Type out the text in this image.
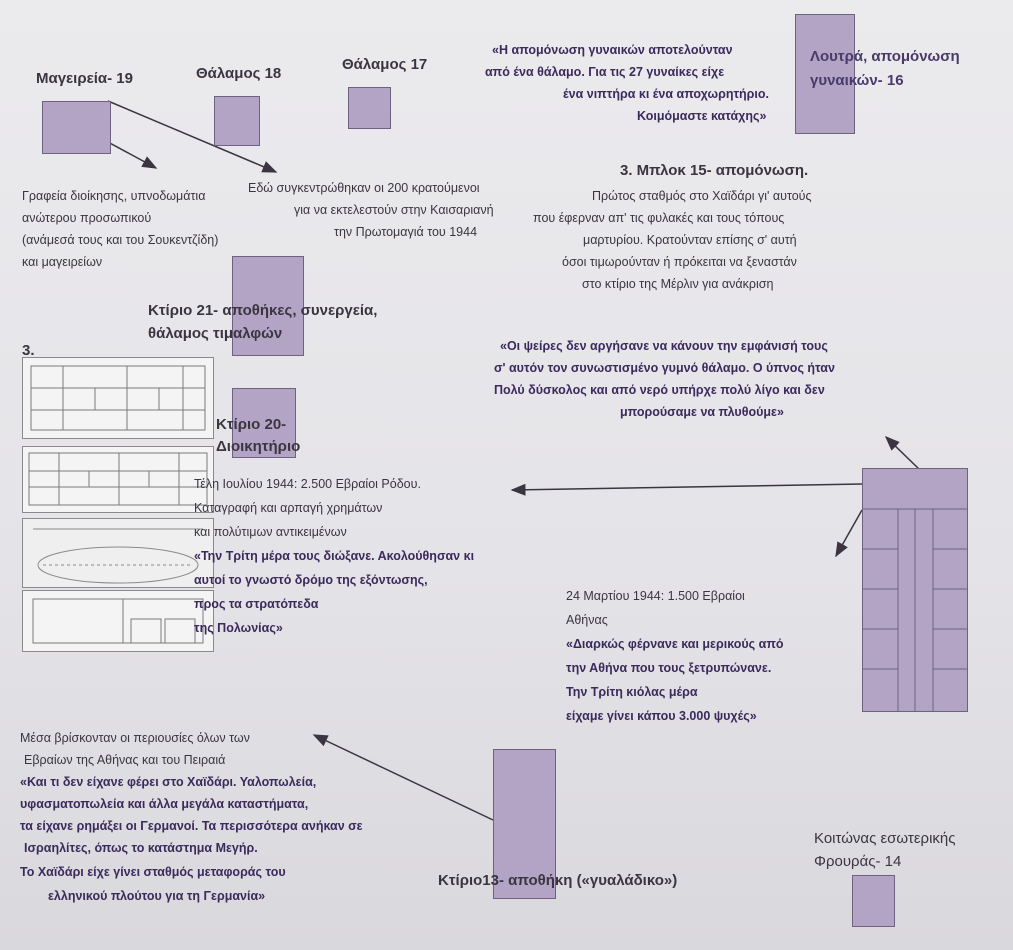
Μαγειρεία- 19	Θάλαμος 18
Θάλαμος 17	Λουτρά, απομόνωση
γυναικών- 16
Κτίριο 21- αποθήκες, συνεργεία,
θάλαμος τιμαλφών
3.
Κτίριο 20-
Διοικητήριο
3. Μπλοκ 15- απομόνωση.
Κτίριο13- αποθήκη («γυαλάδικο»)
Κοιτώνας εσωτερικής
Φρουράς- 14
«Η απομόνωση γυναικών αποτελούνταν
από ένα θάλαμο. Για τις 27 γυναίκες είχε
ένα νιπτήρα κι ένα αποχωρητήριο.
Κοιμόμαστε κατάχης»
Γραφεία διοίκησης, υπνοδωμάτια
ανώτερου προσωπικού
(ανάμεσά τους και του Σουκεντζίδη)
και μαγειρείων
Εδώ συγκεντρώθηκαν οι 200 κρατούμενοι
για να εκτελεστούν στην Καισαριανή
την Πρωτομαγιά του 1944
Πρώτος σταθμός στο Χαϊδάρι γι' αυτούς
που έφερναν απ' τις φυλακές και τους τόπους
μαρτυρίου. Κρατούνταν επίσης σ' αυτή
όσοι τιμωρούνταν ή πρόκειται να ξεναστάν
στο κτίριο της Μέρλιν για ανάκριση
«Οι ψείρες δεν αργήσανε να κάνουν την εμφάνισή τους
σ' αυτόν τον συνωστισμένο γυμνό θάλαμο. Ο ύπνος ήταν
Πολύ δύσκολος και από νερό υπήρχε πολύ λίγο και δεν
μπορούσαμε να πλυθούμε»
Τέλη Ιουλίου 1944: 2.500 Εβραίοι Ρόδου.
Καταγραφή και αρπαγή χρημάτων
και πολύτιμων αντικειμένων
«Την Τρίτη μέρα τους διώξανε. Ακολούθησαν κι
αυτοί το γνωστό δρόμο της εξόντωσης,
προς τα στρατόπεδα
της Πολωνίας»
24 Μαρτίου 1944: 1.500 Εβραίοι
Αθήνας
«Διαρκώς φέρνανε και μερικούς από
την Αθήνα που τους ξετρυπώνανε.
Την Τρίτη κιόλας μέρα
είχαμε γίνει κάπου 3.000 ψυχές»
Μέσα βρίσκονταν οι περιουσίες όλων των
Εβραίων της Αθήνας και του Πειραιά
«Και τι δεν είχανε φέρει στο Χαϊδάρι. Υαλοπωλεία,
υφασματοπωλεία και άλλα μεγάλα καταστήματα,
τα είχανε ρημάξει οι Γερμανοί. Τα περισσότερα ανήκαν σε
Ισραηλίτες, όπως το κατάστημα Μεγήρ.
Το Χαϊδάρι είχε γίνει σταθμός μεταφοράς του
ελληνικού πλούτου για τη Γερμανία»
